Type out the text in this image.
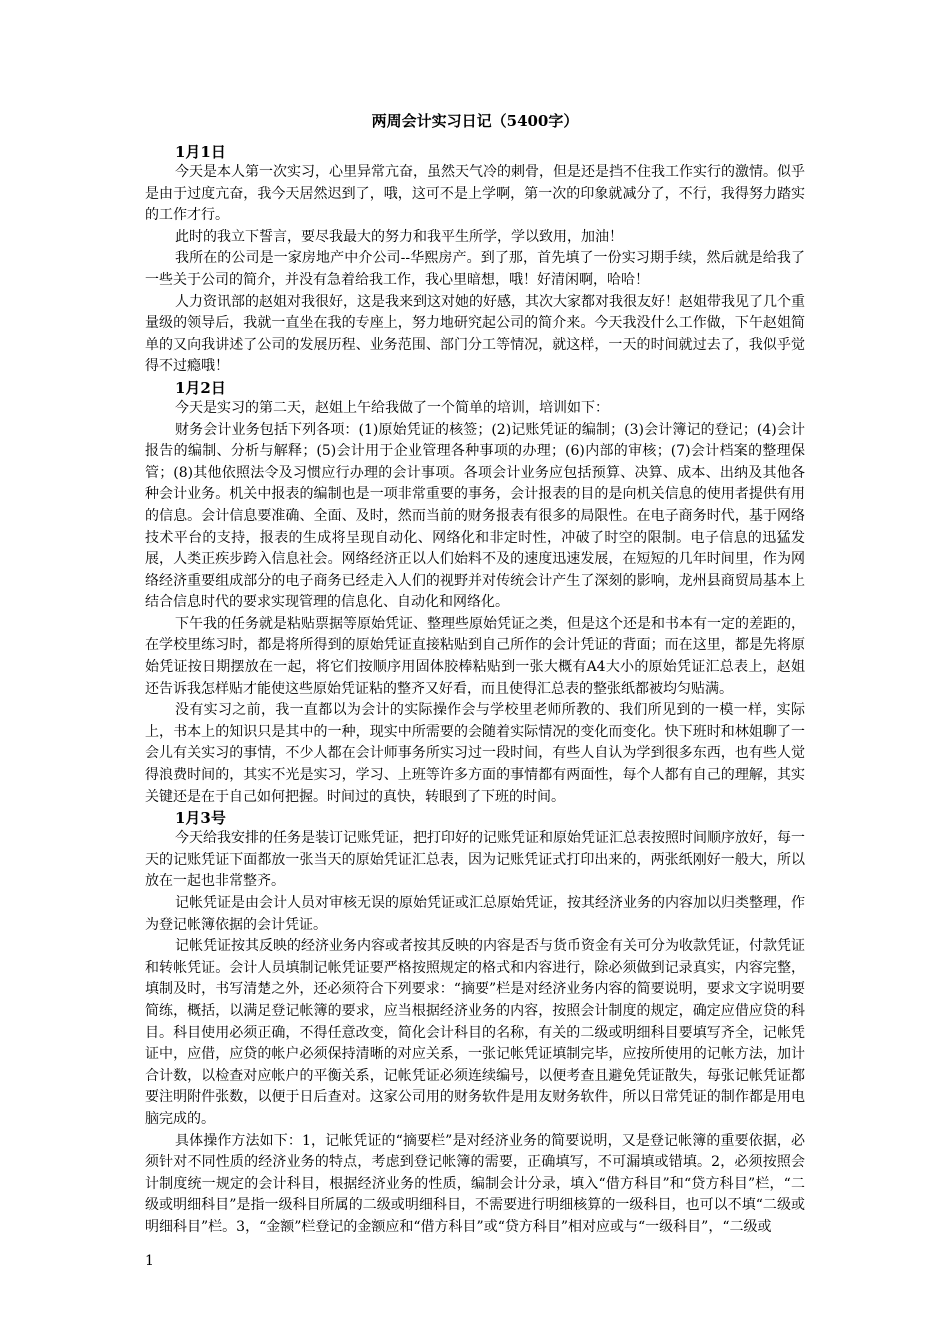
两周会计实习日记（5400字）

1月1日

今天是本人第一次实习，心里异常亢奋，虽然天气冷的刺骨，但是还是挡不住我工作实行的激情。似乎是由于过度亢奋，我今天居然迟到了，哦，这可不是上学啊，第一次的印象就减分了，不行，我得努力踏实的工作才行。

此时的我立下誓言，要尽我最大的努力和我平生所学，学以致用，加油！

我所在的公司是一家房地产中介公司--华熙房产。到了那，首先填了一份实习期手续，然后就是给我了一些关于公司的简介，并没有急着给我工作，我心里暗想，哦！好清闲啊，哈哈！

人力资讯部的赵姐对我很好，这是我来到这对她的好感，其次大家都对我很友好！赵姐带我见了几个重量级的领导后，我就一直坐在我的专座上，努力地研究起公司的简介来。今天我没什么工作做，下午赵姐简单的又向我讲述了公司的发展历程、业务范围、部门分工等情况，就这样，一天的时间就过去了，我似乎觉得不过瘾哦！

1月2日

今天是实习的第二天，赵姐上午给我做了一个简单的培训，培训如下：

财务会计业务包括下列各项：(1)原始凭证的核签；(2)记账凭证的编制；(3)会计簿记的登记；(4)会计报告的编制、分析与解释；(5)会计用于企业管理各种事项的办理；(6)内部的审核；(7)会计档案的整理保管；(8)其他依照法令及习惯应行办理的会计事项。各项会计业务应包括预算、决算、成本、出纳及其他各种会计业务。机关中报表的编制也是一项非常重要的事务，会计报表的目的是向机关信息的使用者提供有用的信息。会计信息要准确、全面、及时，然而当前的财务报表有很多的局限性。在电子商务时代，基于网络技术平台的支持，报表的生成将呈现自动化、网络化和非定时性，冲破了时空的限制。电子信息的迅猛发展，人类正疾步跨入信息社会。网络经济正以人们始料不及的速度迅速发展，在短短的几年时间里，作为网络经济重要组成部分的电子商务已经走入人们的视野并对传统会计产生了深刻的影响，龙州县商贸局基本上结合信息时代的要求实现管理的信息化、自动化和网络化。

下午我的任务就是粘贴票据等原始凭证、整理些原始凭证之类，但是这个还是和书本有一定的差距的，在学校里练习时，都是将所得到的原始凭证直接粘贴到自己所作的会计凭证的背面；而在这里，都是先将原始凭证按日期摆放在一起，将它们按顺序用固体胶棒粘贴到一张大概有A4大小的原始凭证汇总表上，赵姐还告诉我怎样贴才能使这些原始凭证粘的整齐又好看，而且使得汇总表的整张纸都被均匀贴满。

没有实习之前，我一直都以为会计的实际操作会与学校里老师所教的、我们所见到的一模一样，实际上，书本上的知识只是其中的一种，现实中所需要的会随着实际情况的变化而变化。快下班时和林姐聊了一会儿有关实习的事情，不少人都在会计师事务所实习过一段时间，有些人自认为学到很多东西，也有些人觉得浪费时间的，其实不光是实习，学习、上班等许多方面的事情都有两面性，每个人都有自己的理解，其实关键还是在于自己如何把握。时间过的真快，转眼到了下班的时间。

1月3号

今天给我安排的任务是装订记账凭证，把打印好的记账凭证和原始凭证汇总表按照时间顺序放好，每一天的记账凭证下面都放一张当天的原始凭证汇总表，因为记账凭证式打印出来的，两张纸刚好一般大，所以放在一起也非常整齐。

记帐凭证是由会计人员对审核无误的原始凭证或汇总原始凭证，按其经济业务的内容加以归类整理，作为登记帐簿依据的会计凭证。

记帐凭证按其反映的经济业务内容或者按其反映的内容是否与货币资金有关可分为收款凭证，付款凭证和转帐凭证。会计人员填制记帐凭证要严格按照规定的格式和内容进行，除必须做到记录真实，内容完整，填制及时，书写清楚之外，还必须符合下列要求：“摘要”栏是对经济业务内容的简要说明，要求文字说明要简练，概括，以满足登记帐簿的要求，应当根据经济业务的内容，按照会计制度的规定，确定应借应贷的科目。科目使用必须正确，不得任意改变，简化会计科目的名称，有关的二级或明细科目要填写齐全，记帐凭证中，应借，应贷的帐户必须保持清晰的对应关系，一张记帐凭证填制完毕，应按所使用的记帐方法，加计合计数，以检查对应帐户的平衡关系，记帐凭证必须连续编号，以便考查且避免凭证散失，每张记帐凭证都要注明附件张数，以便于日后查对。这家公司用的财务软件是用友财务软件，所以日常凭证的制作都是用电脑完成的。

具体操作方法如下：1，记帐凭证的“摘要栏”是对经济业务的简要说明，又是登记帐簿的重要依据，必须针对不同性质的经济业务的特点，考虑到登记帐簿的需要，正确填写，不可漏填或错填。2，必须按照会计制度统一规定的会计科目，根据经济业务的性质，编制会计分录，填入“借方科目”和“贷方科目”栏，“二级或明细科目”是指一级科目所属的二级或明细科目，不需要进行明细核算的一级科目，也可以不填“二级或明细科目”栏。3，“金额”栏登记的金额应和“借方科目”或“贷方科目”相对应或与“一级科目”，“二级或

1
